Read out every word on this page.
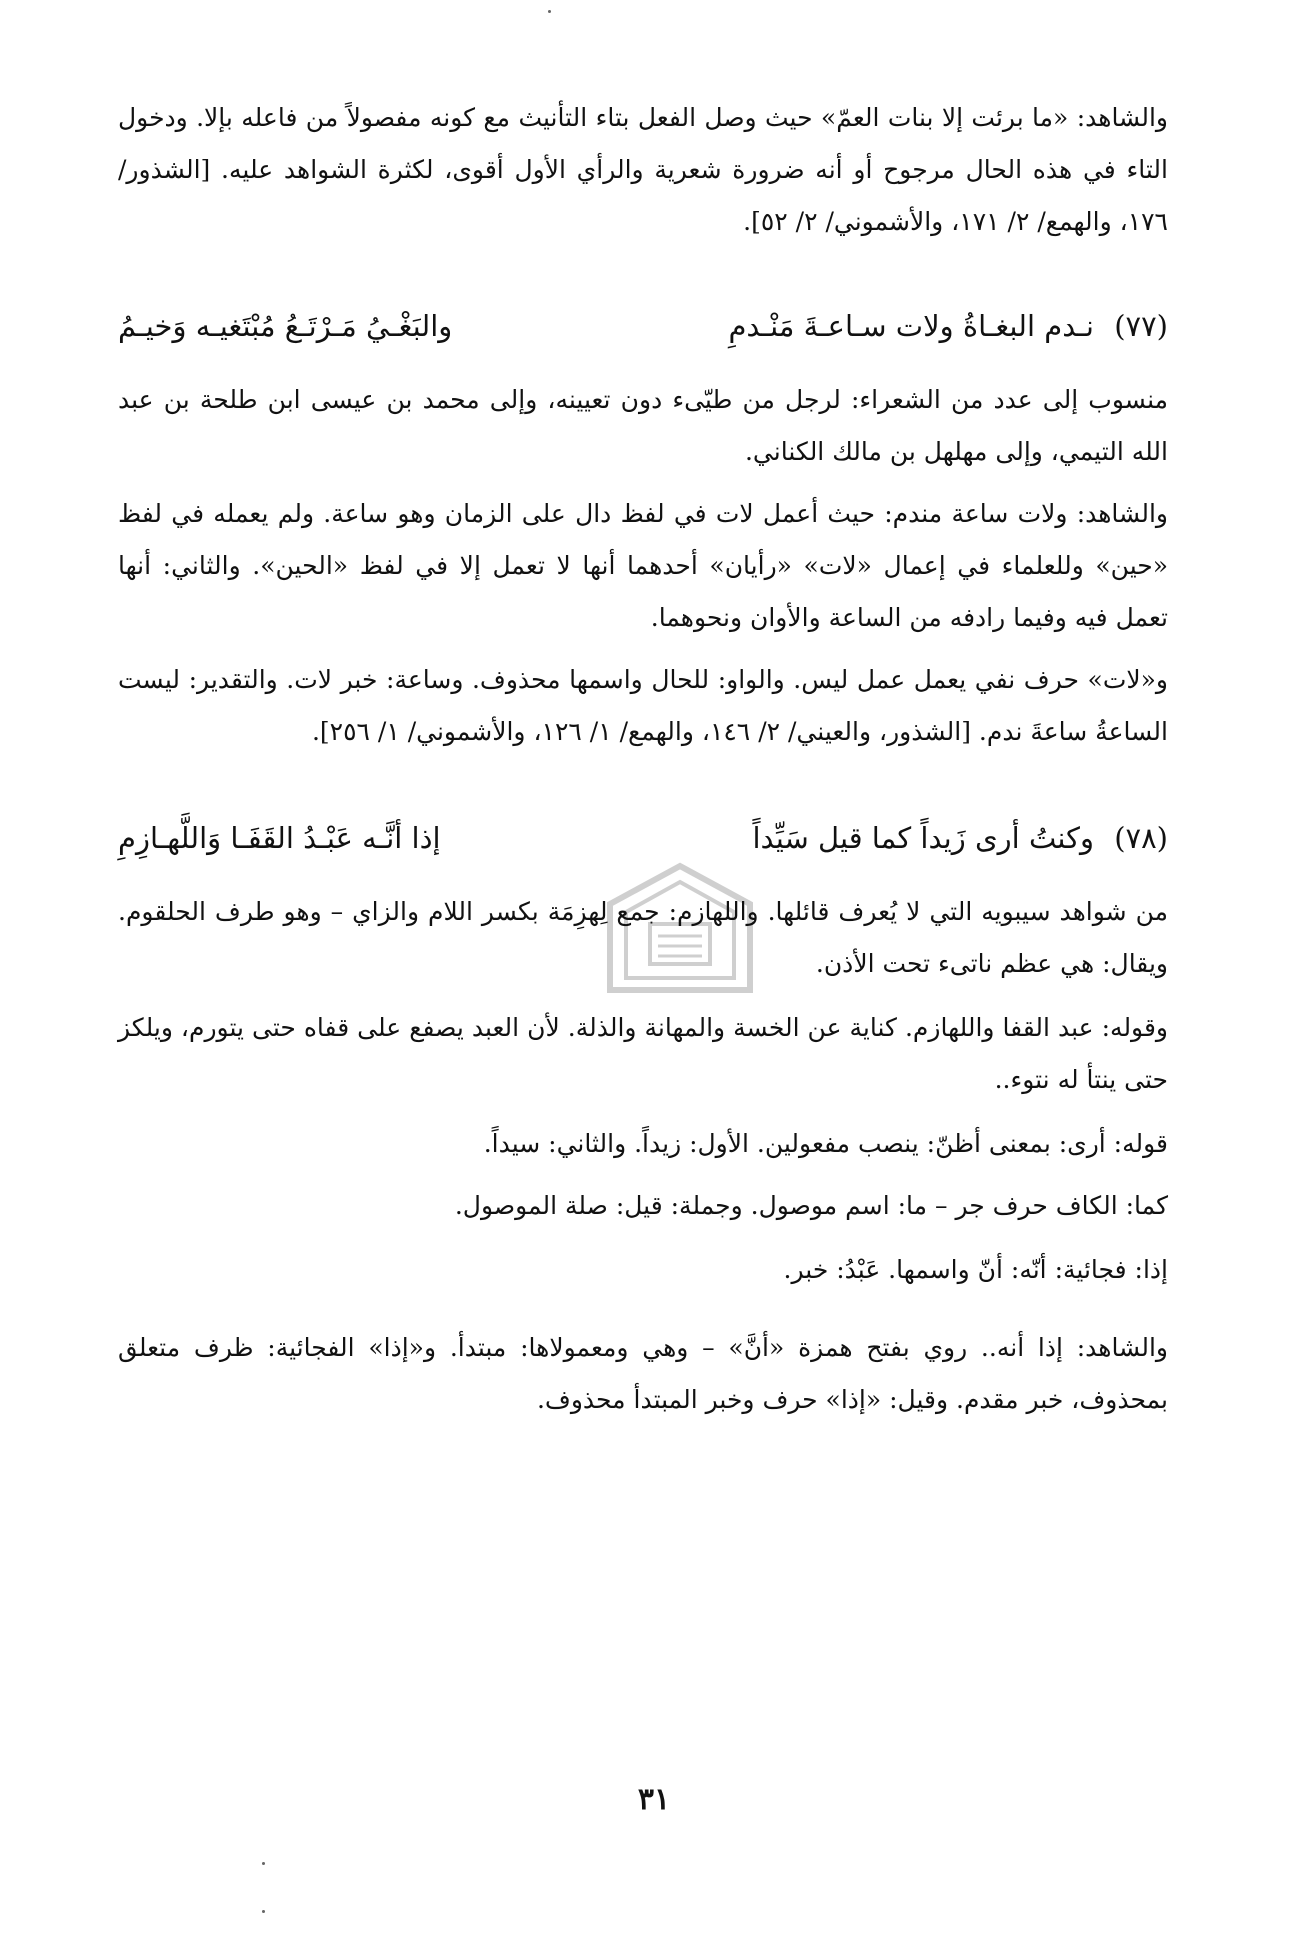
والشاهد: «ما برئت إلا بنات العمّ» حيث وصل الفعل بتاء التأنيث مع كونه مفصولاً من فاعله بإلا. ودخول التاء في هذه الحال مرجوح أو أنه ضرورة شعرية والرأي الأول أقوى، لكثرة الشواهد عليه. [الشذور/ ١٧٦، والهمع/ ٢/ ١٧١، والأشموني/ ٢/ ٥٢].

(٧٧)
نـدم البغـاةُ ولات سـاعـةَ مَنْـدمِ
والبَغْـيُ مَـرْتَـعُ مُبْتَغيـه وَخيـمُ

منسوب إلى عدد من الشعراء: لرجل من طيّىء دون تعيينه، وإلى محمد بن عيسى ابن طلحة بن عبد الله التيمي، وإلى مهلهل بن مالك الكناني.

والشاهد: ولات ساعة مندم: حيث أعمل لات في لفظ دال على الزمان وهو ساعة. ولم يعمله في لفظ «حين» وللعلماء في إعمال «لات» «رأيان» أحدهما أنها لا تعمل إلا في لفظ «الحين». والثاني: أنها تعمل فيه وفيما رادفه من الساعة والأوان ونحوهما.

و«لات» حرف نفي يعمل عمل ليس. والواو: للحال واسمها محذوف. وساعة: خبر لات. والتقدير: ليست الساعةُ ساعةَ ندم. [الشذور، والعيني/ ٢/ ١٤٦، والهمع/ ١/ ١٢٦، والأشموني/ ١/ ٢٥٦].

(٧٨)
وكنتُ أرى زَيداً كما قيل سَيِّداً
إذا أنَّـه عَبْـدُ القَفَـا وَاللَّهـازِمِ

من شواهد سيبويه التي لا يُعرف قائلها. واللهازم: جمع لِهزِمَة بكسر اللام والزاي – وهو طرف الحلقوم. ويقال: هي عظم ناتىء تحت الأذن.

وقوله: عبد القفا واللهازم. كناية عن الخسة والمهانة والذلة. لأن العبد يصفع على قفاه حتى يتورم، ويلكز حتى ينتأ له نتوء..

قوله: أرى: بمعنى أظنّ: ينصب مفعولين. الأول: زيداً. والثاني: سيداً.

كما: الكاف حرف جر – ما: اسم موصول. وجملة: قيل: صلة الموصول.

إذا: فجائية: أنّه: أنّ واسمها. عَبْدُ: خبر.

والشاهد: إذا أنه.. روي بفتح همزة «أنَّ» – وهي ومعمولاها: مبتدأ. و«إذا» الفجائية: ظرف متعلق بمحذوف، خبر مقدم. وقيل: «إذا» حرف وخبر المبتدأ محذوف.

٣١
